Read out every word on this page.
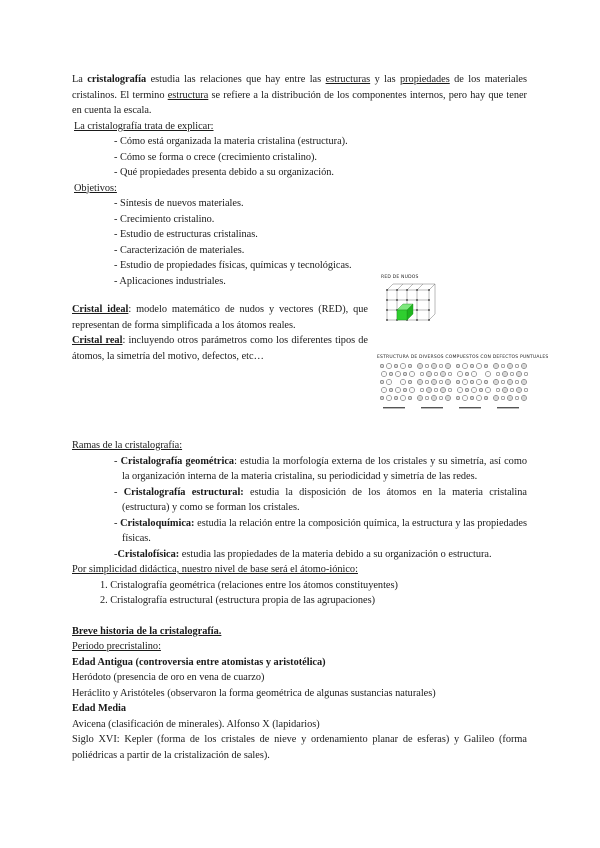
La cristalografía estudia las relaciones que hay entre las estructuras y las propiedades de los materiales cristalinos. El termino estructura se refiere a la distribución de los componentes internos, pero hay que tener en cuenta la escala.

La cristalografía trata de explicar:

- Cómo está organizada la materia cristalina (estructura).

- Cómo se forma o crece (crecimiento cristalino).

- Qué propiedades presenta debido a su organización.

Objetivos:

- Síntesis de nuevos materiales.

- Crecimiento cristalino.

- Estudio de estructuras cristalinas.

- Caracterización de materiales.

- Estudio de propiedades físicas, químicas y tecnológicas.

- Aplicaciones industriales.

Cristal ideal: modelo matemático de nudos y vectores (RED), que representan de forma simplificada a los átomos reales.

Cristal real: incluyendo otros parámetros como los diferentes tipos de átomos, la simetría del motivo, defectos, etc…

Ramas de la cristalografía:

- Cristalografía geométrica: estudia la morfología externa de los cristales y su simetría, así como la organización interna de la materia cristalina, su periodicidad y simetría de las redes.

- Cristalografía estructural: estudia la disposición de los átomos en la materia cristalina (estructura) y como se forman los cristales.

- Cristaloquímica: estudia la relación entre la composición química, la estructura y las propiedades físicas.

-Cristalofísica: estudia las propiedades de la materia debido a su organización o estructura.

Por simplicidad didáctica, nuestro nivel de base será el átomo-iónico:

1. Cristalografía geométrica (relaciones entre los átomos constituyentes)

2. Cristalografía estructural (estructura propia de las agrupaciones)

Breve historia de la cristalografía.

Periodo precristalino:

Edad Antigua (controversia entre atomistas y aristotélica)

Heródoto (presencia de oro en vena de cuarzo)

Heráclito y Aristóteles (observaron la forma geométrica de algunas sustancias naturales)

Edad Media

Avicena (clasificación de minerales). Alfonso X (lapidarios)

Siglo XVI: Kepler (forma de los cristales de nieve y ordenamiento planar de esferas) y Galileo (forma poliédricas a partir de la cristalización de sales).

RED DE NUDOS
ESTRUCTURA DE DIVERSOS COMPUESTOS CON DEFECTOS PUNTUALES
